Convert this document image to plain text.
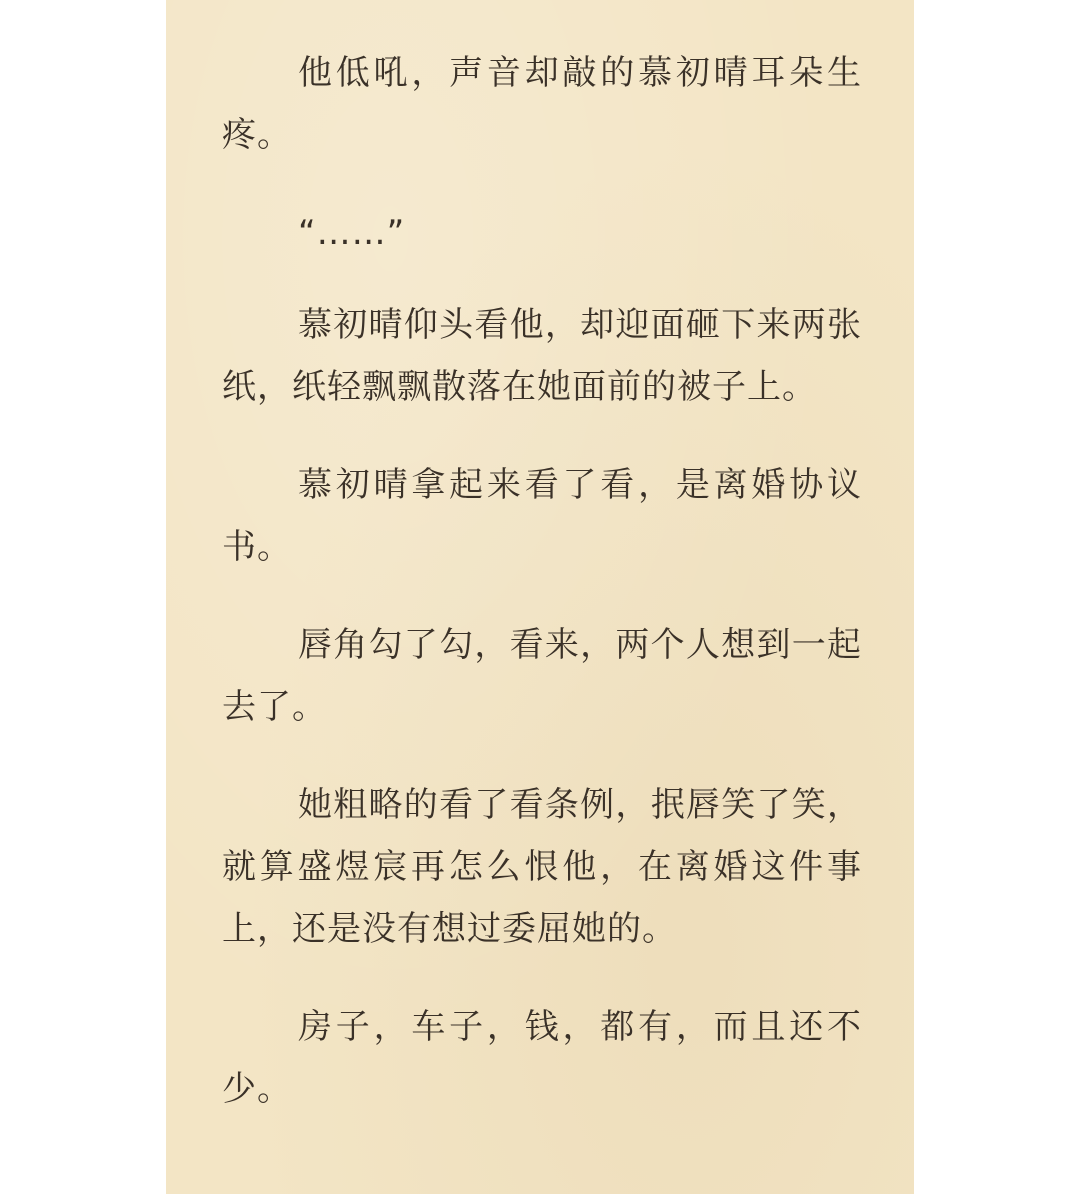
他低吼，声音却敲的慕初晴耳朵生疼。

“……”

慕初晴仰头看他，却迎面砸下来两张纸，纸轻飘飘散落在她面前的被子上。

慕初晴拿起来看了看，是离婚协议书。

唇角勾了勾，看来，两个人想到一起去了。

她粗略的看了看条例，抿唇笑了笑，就算盛煜宸再怎么恨他，在离婚这件事上，还是没有想过委屈她的。

房子，车子，钱，都有，而且还不少。
